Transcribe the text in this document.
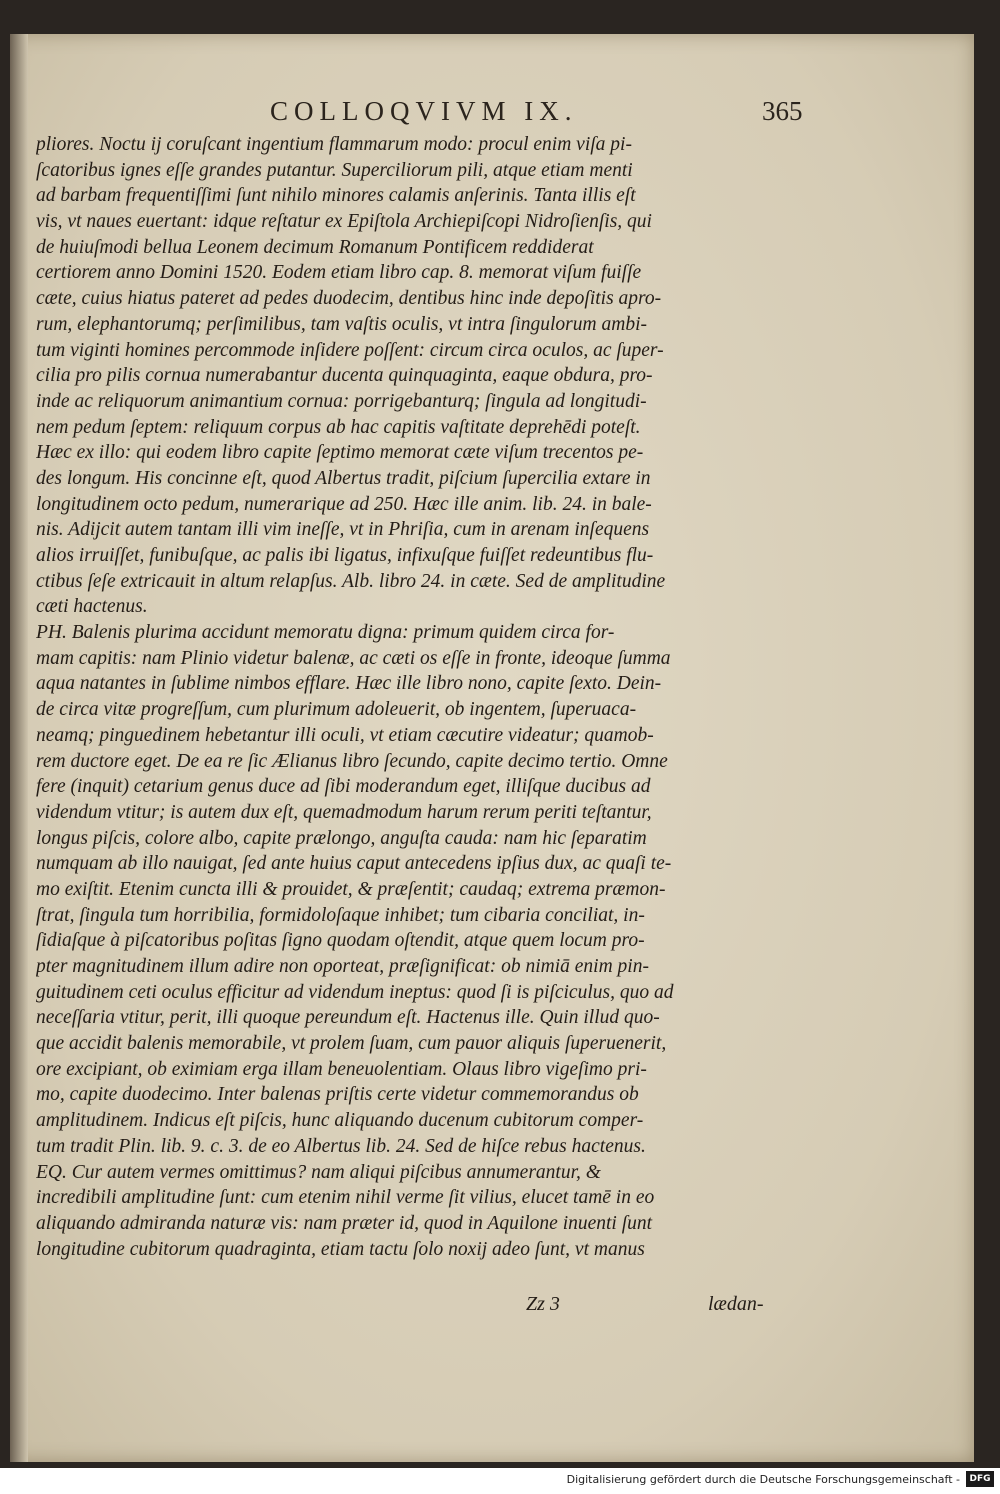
COLLOQVIVM IX.	365
pliores. Noctu ij coruſcant ingentium flammarum modo: procul enim viſa pi-
ſcatoribus ignes eſſe grandes putantur. Superciliorum pili, atque etiam menti
ad barbam frequentiſſimi ſunt nihilo minores calamis anſerinis. Tanta illis eſt
vis, vt naues euertant: idque reſtatur ex Epiſtola Archiepiſcopi Nidroſienſis, qui
de huiuſmodi bellua Leonem decimum Romanum Pontificem reddiderat
certiorem anno Domini 1520. Eodem etiam libro cap. 8. memorat viſum fuiſſe
cæte, cuius hiatus pateret ad pedes duodecim, dentibus hinc inde depoſitis apro-
rum, elephantorumq; perſimilibus, tam vaſtis oculis, vt intra ſingulorum ambi-
tum viginti homines percommode inſidere poſſent: circum circa oculos, ac ſuper-
cilia pro pilis cornua numerabantur ducenta quinquaginta, eaque obdura, pro-
inde ac reliquorum animantium cornua: porrigebanturq; ſingula ad longitudi-
nem pedum ſeptem: reliquum corpus ab hac capitis vaſtitate deprehēdi poteſt.
Hæc ex illo: qui eodem libro capite ſeptimo memorat cæte viſum trecentos pe-
des longum. His concinne eſt, quod Albertus tradit, piſcium ſupercilia extare in
longitudinem octo pedum, numerarique ad 250. Hæc ille anim. lib. 24. in bale-
nis. Adijcit autem tantam illi vim ineſſe, vt in Phriſia, cum in arenam inſequens
alios irruiſſet, funibuſque, ac palis ibi ligatus, infixuſque fuiſſet redeuntibus flu-
ctibus ſeſe extricauit in altum relapſus. Alb. libro 24. in cæte. Sed de amplitudine
cæti hactenus.
PH. Balenis plurima accidunt memoratu digna: primum quidem circa for-
mam capitis: nam Plinio videtur balenæ, ac cæti os eſſe in fronte, ideoque ſumma
aqua natantes in ſublime nimbos efflare. Hæc ille libro nono, capite ſexto. Dein-
de circa vitæ progreſſum, cum plurimum adoleuerit, ob ingentem, ſuperuaca-
neamq; pinguedinem hebetantur illi oculi, vt etiam cæcutire videatur; quamob-
rem ductore eget. De ea re ſic Ælianus libro ſecundo, capite decimo tertio. Omne
fere (inquit) cetarium genus duce ad ſibi moderandum eget, illiſque ducibus ad
videndum vtitur; is autem dux eſt, quemadmodum harum rerum periti teſtantur,
longus piſcis, colore albo, capite prælongo, anguſta cauda: nam hic ſeparatim
numquam ab illo nauigat, ſed ante huius caput antecedens ipſius dux, ac quaſi te-
mo exiſtit. Etenim cuncta illi & prouidet, & præſentit; caudaq; extrema præmon-
ſtrat, ſingula tum horribilia, formidoloſaque inhibet; tum cibaria conciliat, in-
ſidiaſque à piſcatoribus poſitas ſigno quodam oſtendit, atque quem locum pro-
pter magnitudinem illum adire non oporteat, præſignificat: ob nimiā enim pin-
guitudinem ceti oculus efficitur ad videndum ineptus: quod ſi is piſciculus, quo ad
neceſſaria vtitur, perit, illi quoque pereundum eſt. Hactenus ille. Quin illud quo-
que accidit balenis memorabile, vt prolem ſuam, cum pauor aliquis ſuperuenerit,
ore excipiant, ob eximiam erga illam beneuolentiam. Olaus libro vigeſimo pri-
mo, capite duodecimo. Inter balenas priſtis certe videtur commemorandus ob
amplitudinem. Indicus eſt piſcis, hunc aliquando ducenum cubitorum comper-
tum tradit Plin. lib. 9. c. 3. de eo Albertus lib. 24. Sed de hiſce rebus hactenus.
EQ. Cur autem vermes omittimus? nam aliqui piſcibus annumerantur, &
incredibili amplitudine ſunt: cum etenim nihil verme ſit vilius, elucet tamē in eo
aliquando admiranda naturæ vis: nam præter id, quod in Aquilone inuenti ſunt
longitudine cubitorum quadraginta, etiam tactu ſolo noxij adeo ſunt, vt manus
Zz 3	lædan-
Digitalisierung gefördert durch die Deutsche Forschungsgemeinschaft -	DFG
